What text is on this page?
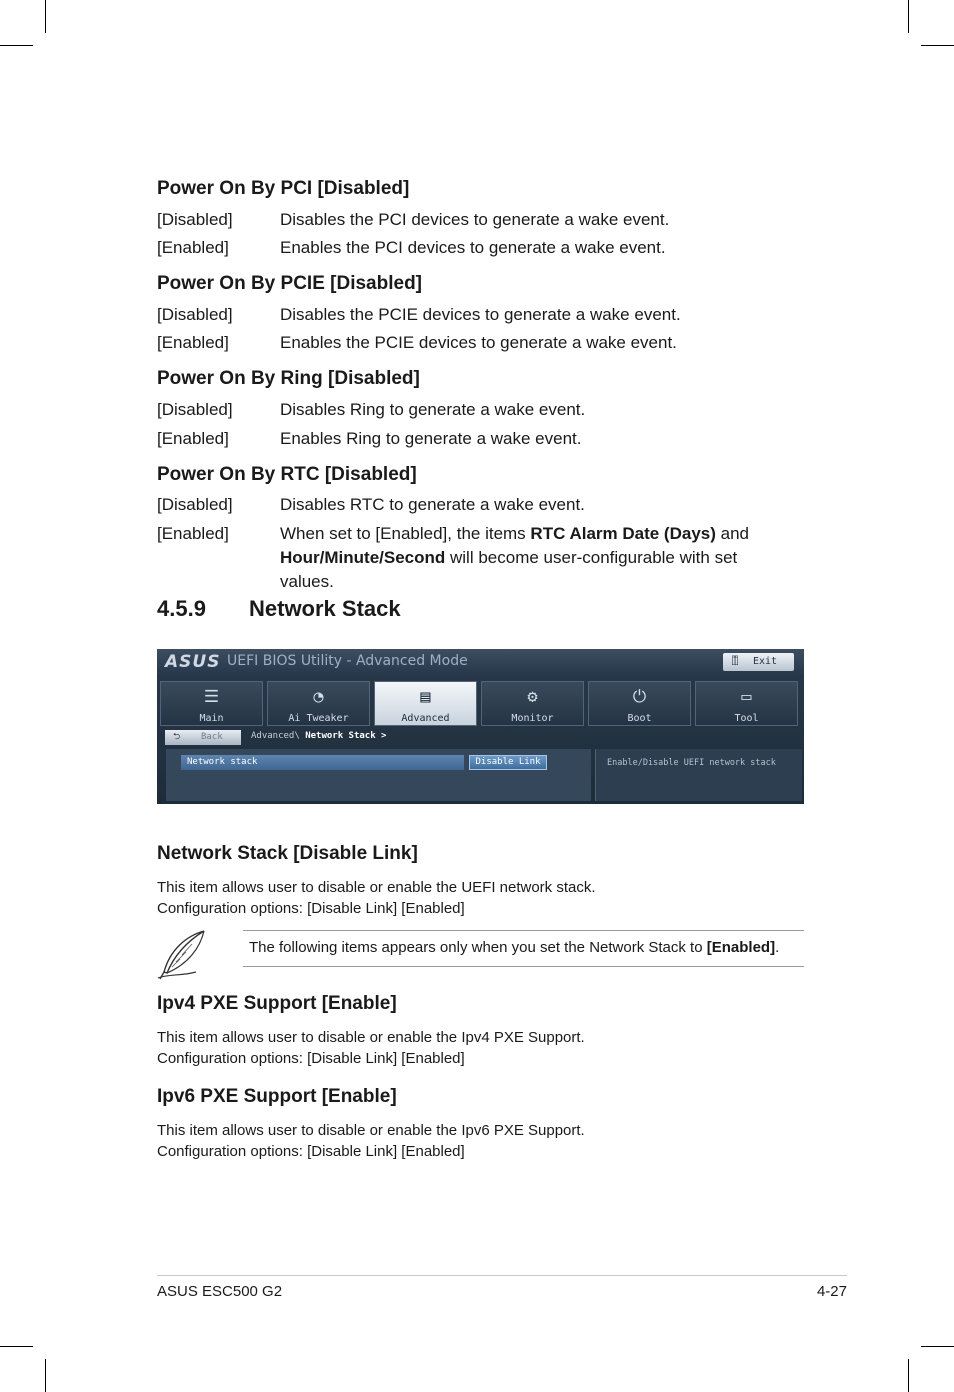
Power On By PCI [Disabled]
[Disabled]	Disables the PCI devices to generate a wake event.
[Enabled]	Enables the PCI devices to generate a wake event.
Power On By PCIE [Disabled]
[Disabled]	Disables the PCIE devices to generate a wake event.
[Enabled]	Enables the PCIE devices to generate a wake event.
Power On By Ring [Disabled]
[Disabled]	Disables Ring to generate a wake event.
[Enabled]	Enables Ring to generate a wake event.
Power On By RTC [Disabled]
[Disabled]	Disables RTC to generate a wake event.
[Enabled]	When set to [Enabled], the items RTC Alarm Date (Days) and
Hour/Minute/Second will become user-configurable with set
values.
4.5.9 Network Stack
ASUS UEFI BIOS Utility - Advanced Mode	⍐ Exit
☰
Main
◔
Ai Tweaker
▤
Advanced
⚙
Monitor
⏻
Boot
▭
Tool
⮌ Back	Advanced\ Network Stack >
Network stack	Disable Link	Enable/Disable UEFI network stack
Network Stack [Disable Link]
This item allows user to disable or enable the UEFI network stack.
Configuration options: [Disable Link] [Enabled]
Ipv4 PXE Support [Enable]
This item allows user to disable or enable the Ipv4 PXE Support.
Configuration options: [Disable Link] [Enabled]
Ipv6 PXE Support [Enable]
This item allows user to disable or enable the Ipv6 PXE Support.
Configuration options: [Disable Link] [Enabled]
The following items appears only when you set the Network Stack to [Enabled].
ASUS ESC500 G2	4-27
